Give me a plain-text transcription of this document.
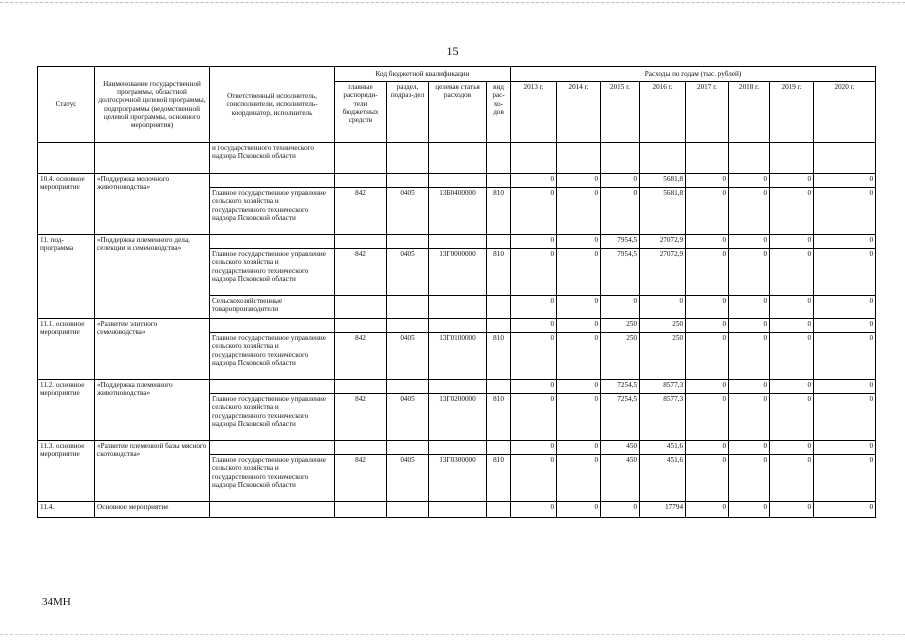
15
Статус	Наименование государственной программы, областной долгосрочной целевой программы, подпрограммы (ведомственной целевой программы, основного мероприятия)	Ответственный исполнитель, соисполнители, исполнитель-координатор, исполнитель	Код бюджетной квалификации				Расходы по годам (тыс. рублей)							
			главные распоряди-тели бюджетных средств	раздел, подраз-дел	целевая статья расходов	вид рас-хо-дов	2013 г.	2014 г.	2015 г.	2016 г.	2017 г.	2018 г.	2019 г.	2020 г.
		и государственного технического надзора Псковской области												
10.4. основное мероприятие	«Поддержка молочного животноводства»						0	0	0	5681,8	0	0	0	0
		Главное государственное управление сельского хозяйства и государственного технического надзора Псковской области	842	0405	13Б0400000	810	0	0	0	5681,8	0	0	0	0
11. под-программа	«Поддержка племенного дела, селекции и семеноводства»						0	0	7954,5	27072,9	0	0	0	0
		Главное государственное управление сельского хозяйства и государственного технического надзора Псковской области	842	0405	13Г0000000	810	0	0	7954,5	27072,9	0	0	0	0
		Сельскохозяйственные товаропроизводители					0	0	0	0	0	0	0	0
11.1. основное мероприятие	«Развитие элитного семеноводства»						0	0	250	250	0	0	0	0
		Главное государственное управление сельского хозяйства и государственного технического надзора Псковской области	842	0405	13Г0100000	810	0	0	250	250	0	0	0	0
11.2. основное мероприятие	«Поддержка племенного животноводства»						0	0	7254,5	8577,3	0	0	0	0
		Главное государственное управление сельского хозяйства и государственного технического надзора Псковской области	842	0405	13Г0200000	810	0	0	7254,5	8577,3	0	0	0	0
11.3. основное мероприятие	«Развитие племенной базы мясного скотоводства»						0	0	450	451,6	0	0	0	0
		Главное государственное управление сельского хозяйства и государственного технического надзора Псковской области	842	0405	13Г0300000	810	0	0	450	451,6	0	0	0	0
11.4.	Основное мероприятие						0	0	0	17794	0	0	0	0
34МН
